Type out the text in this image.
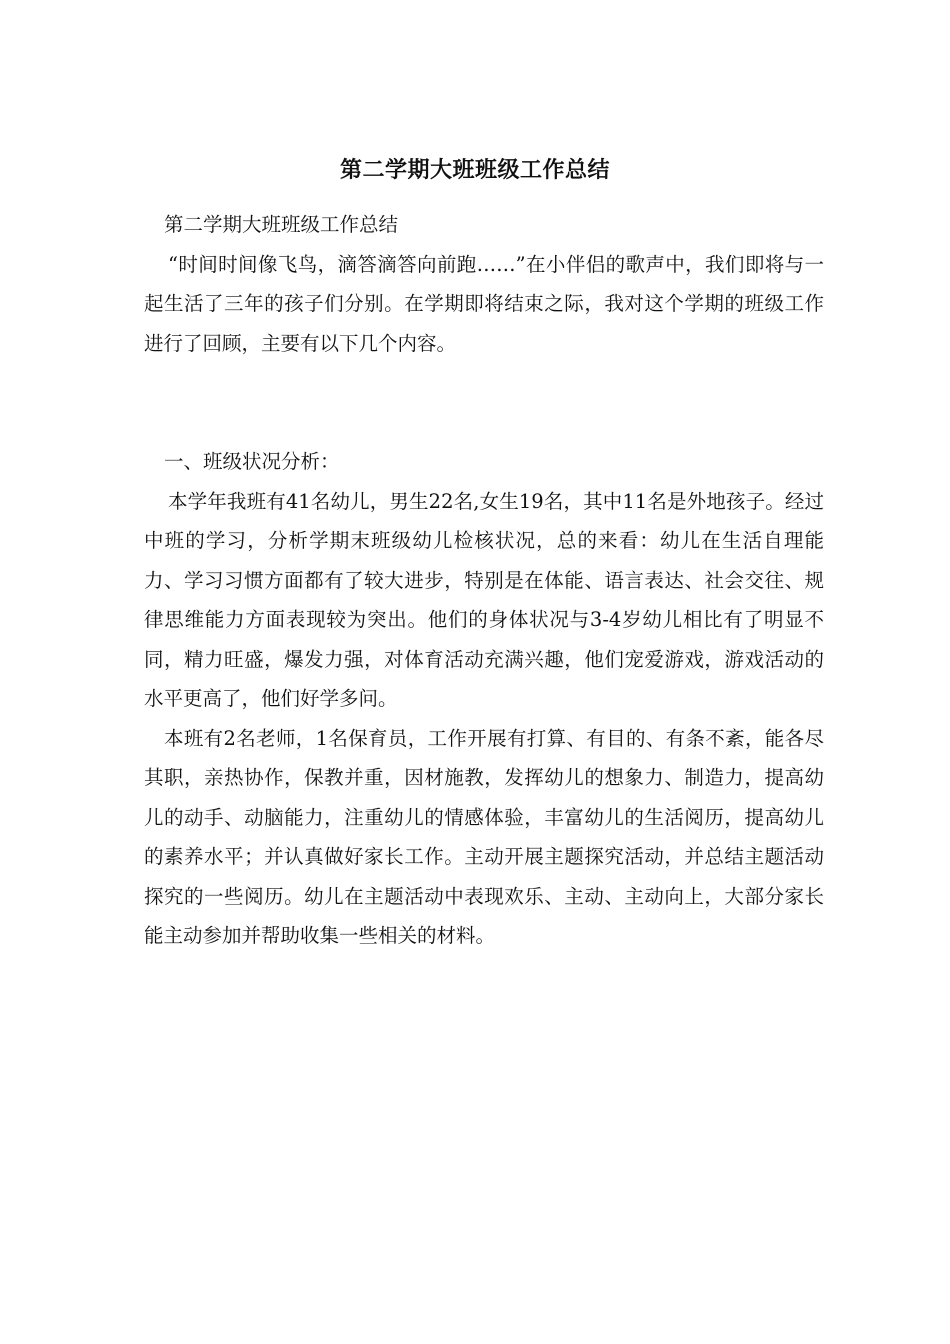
第二学期大班班级工作总结

第二学期大班班级工作总结

“时间时间像飞鸟，滴答滴答向前跑……”在小伴侣的歌声中，我们即将与一起生活了三年的孩子们分别。在学期即将结束之际，我对这个学期的班级工作进行了回顾，主要有以下几个内容。

一、班级状况分析：

本学年我班有41名幼儿，男生22名,女生19名，其中11名是外地孩子。经过中班的学习，分析学期末班级幼儿检核状况，总的来看：幼儿在生活自理能力、学习习惯方面都有了较大进步，特别是在体能、语言表达、社会交往、规律思维能力方面表现较为突出。他们的身体状况与3-4岁幼儿相比有了明显不同，精力旺盛，爆发力强，对体育活动充满兴趣，他们宠爱游戏，游戏活动的水平更高了，他们好学多问。

本班有2名老师，1名保育员，工作开展有打算、有目的、有条不紊，能各尽其职，亲热协作，保教并重，因材施教，发挥幼儿的想象力、制造力，提高幼儿的动手、动脑能力，注重幼儿的情感体验，丰富幼儿的生活阅历，提高幼儿的素养水平；并认真做好家长工作。主动开展主题探究活动，并总结主题活动探究的一些阅历。幼儿在主题活动中表现欢乐、主动、主动向上，大部分家长能主动参加并帮助收集一些相关的材料。
